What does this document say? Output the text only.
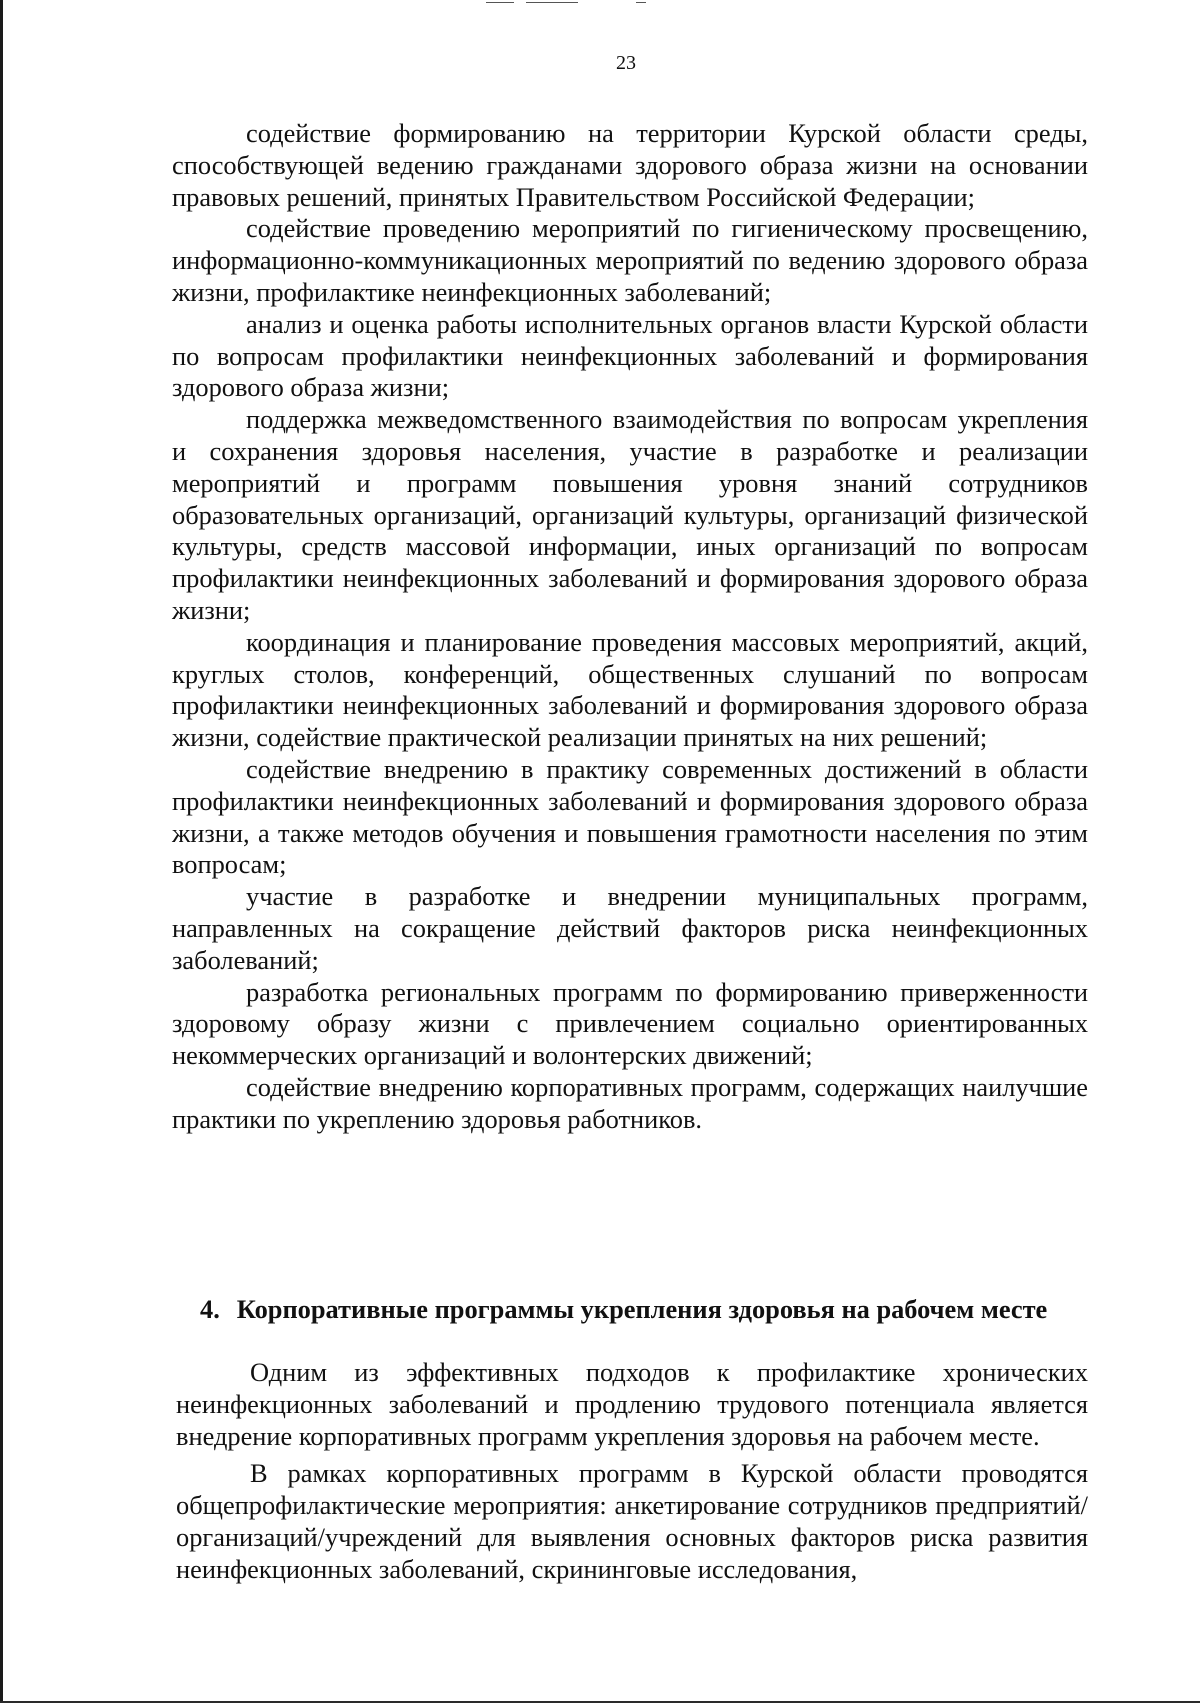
23

содействие формированию на территории Курской области среды, способствующей ведению гражданами здорового образа жизни на основании правовых решений, принятых Правительством Российской Федерации;

содействие проведению мероприятий по гигиеническому просвещению, информационно-коммуникационных мероприятий по ведению здорового образа жизни, профилактике неинфекционных заболеваний;

анализ и оценка работы исполнительных органов власти Курской области по вопросам профилактики неинфекционных заболеваний и формирования здорового образа жизни;

поддержка межведомственного взаимодействия по вопросам укрепления и сохранения здоровья населения, участие в разработке и реализации мероприятий и программ повышения уровня знаний сотрудников образовательных организаций, организаций культуры, организаций физической культуры, средств массовой информации, иных организаций по вопросам профилактики неинфекционных заболеваний и формирования здорового образа жизни;

координация и планирование проведения массовых мероприятий, акций, круглых столов, конференций, общественных слушаний по вопросам профилактики неинфекционных заболеваний и формирования здорового образа жизни, содействие практической реализации принятых на них решений;

содействие внедрению в практику современных достижений в области профилактики неинфекционных заболеваний и формирования здорового образа жизни, а также методов обучения и повышения грамотности населения по этим вопросам;

участие в разработке и внедрении муниципальных программ, направленных на сокращение действий факторов риска неинфекционных заболеваний;

разработка региональных программ по формированию приверженности здоровому образу жизни с привлечением социально ориентированных некоммерческих организаций и волонтерских движений;

содействие внедрению корпоративных программ, содержащих наилучшие практики по укреплению здоровья работников.

4. Корпоративные программы укрепления здоровья на рабочем месте

Одним из эффективных подходов к профилактике хронических неинфекционных заболеваний и продлению трудового потенциала является внедрение корпоративных программ укрепления здоровья на рабочем месте.

В рамках корпоративных программ в Курской области проводятся общепрофилактические мероприятия: анкетирование сотрудников предприятий/организаций/учреждений для выявления основных факторов риска развития неинфекционных заболеваний, скрининговые исследования,
